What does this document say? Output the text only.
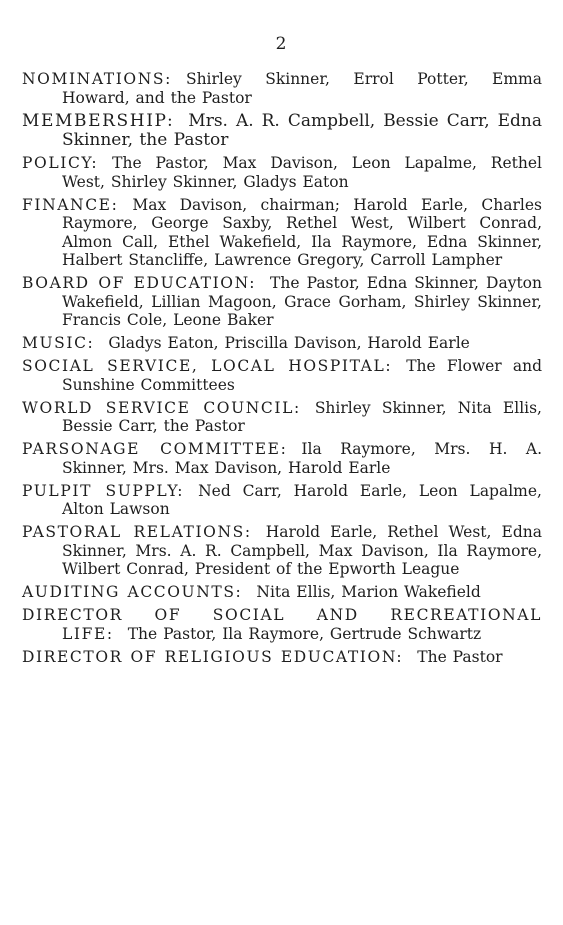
2

NOMINATIONS: Shirley Skinner, Errol Potter, Emma Howard, and the Pastor

MEMBERSHIP: Mrs. A. R. Campbell, Bessie Carr, Edna Skinner, the Pastor

POLICY: The Pastor, Max Davison, Leon Lapalme, Rethel West, Shirley Skinner, Gladys Eaton

FINANCE: Max Davison, chairman; Harold Earle, Charles Raymore, George Saxby, Rethel West, Wilbert Conrad, Almon Call, Ethel Wakefield, Ila Raymore, Edna Skinner, Halbert Stancliffe, Lawrence Gregory, Carroll Lampher

BOARD OF EDUCATION: The Pastor, Edna Skinner, Dayton Wakefield, Lillian Magoon, Grace Gorham, Shirley Skinner, Francis Cole, Leone Baker

MUSIC: Gladys Eaton, Priscilla Davison, Harold Earle

SOCIAL SERVICE, LOCAL HOSPITAL: The Flower and Sunshine Committees

WORLD SERVICE COUNCIL: Shirley Skinner, Nita Ellis, Bessie Carr, the Pastor

PARSONAGE COMMITTEE: Ila Raymore, Mrs. H. A. Skinner, Mrs. Max Davison, Harold Earle

PULPIT SUPPLY: Ned Carr, Harold Earle, Leon Lapalme, Alton Lawson

PASTORAL RELATIONS: Harold Earle, Rethel West, Edna Skinner, Mrs. A. R. Campbell, Max Davison, Ila Raymore, Wilbert Conrad, President of the Epworth League

AUDITING ACCOUNTS: Nita Ellis, Marion Wakefield

DIRECTOR OF SOCIAL AND RECREATIONAL LIFE: The Pastor, Ila Raymore, Gertrude Schwartz

DIRECTOR OF RELIGIOUS EDUCATION: The Pastor
